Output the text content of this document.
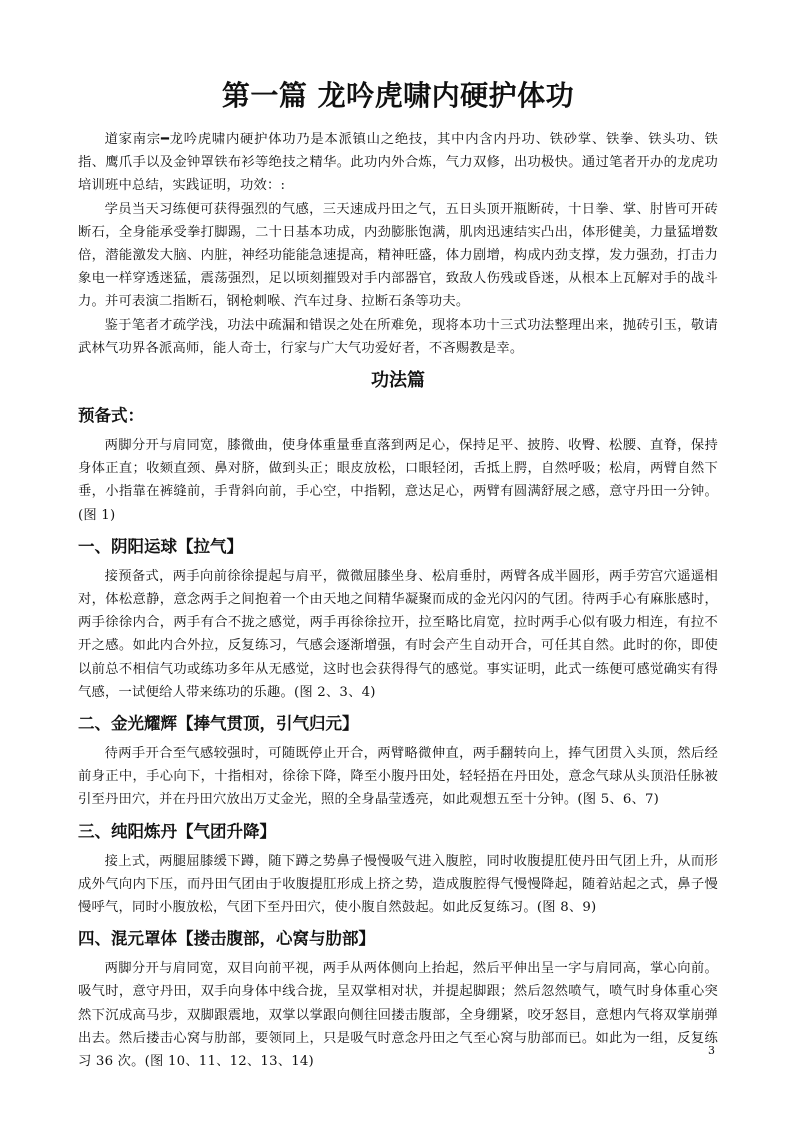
第一篇 龙吟虎啸内硬护体功

道家南宗━龙吟虎啸内硬护体功乃是本派镇山之绝技，其中内含内丹功、铁砂掌、铁拳、铁头功、铁指、鹰爪手以及金钟罩铁布衫等绝技之精华。此功内外合炼，气力双修，出功极快。通过笔者开办的龙虎功培训班中总结，实践证明，功效：:

学员当天习练便可获得强烈的气感，三天速成丹田之气，五日头顶开瓶断砖，十日拳、掌、肘皆可开砖断石，全身能承受拳打脚踢，二十日基本功成，内劲膨胀饱满，肌肉迅速结实凸出，体形健美，力量猛增数倍，潜能激发大脑、内脏，神经功能能急速提高，精神旺盛，体力剧增，构成内劲支撑，发力强劲，打击力象电一样穿透迷猛，震荡强烈，足以顷刻摧毁对手内部器官，致敌人伤残或昏迷，从根本上瓦解对手的战斗力。并可表演二指断石，钢枪刺喉、汽车过身、拉断石条等功夫。

鉴于笔者才疏学浅，功法中疏漏和错误之处在所难免，现将本功十三式功法整理出来，抛砖引玉，敬请武林气功界各派高师，能人奇士，行家与广大气功爱好者，不吝赐教是幸。

功法篇
预备式：

两脚分开与肩同宽，膝微曲，使身体重量垂直落到两足心，保持足平、披胯、收臀、松腰、直脊，保持身体正直；收颏直颈、鼻对脐，做到头正；眼皮放松，口眼轻闭，舌抵上腭，自然呼吸；松肩，两臂自然下垂，小指靠在裤缝前，手背斜向前，手心空，中指靷，意达足心，两臂有圆满舒展之感，意守丹田一分钟。(图 1)

一、阴阳运球【拉气】

接预备式，两手向前徐徐提起与肩平，微微屈膝坐身、松肩垂肘，两臂各成半圆形，两手劳宫穴遥遥相对，体松意静，意念两手之间抱着一个由天地之间精华凝聚而成的金光闪闪的气团。待两手心有麻胀感时，两手徐徐内合，两手有合不拢之感觉，两手再徐徐拉开，拉至略比肩宽，拉时两手心似有吸力相连，有拉不开之感。如此内合外拉，反复练习，气感会逐渐增强，有时会产生自动开合，可任其自然。此时的你，即使以前总不相信气功或练功多年从无感觉，这时也会获得得气的感觉。事实证明，此式一练便可感觉确实有得气感，一试便给人带来练功的乐趣。(图 2、3、4)

二、金光耀辉【捧气贯顶，引气归元】

待两手开合至气感较强时，可随既停止开合，两臂略微伸直，两手翻转向上，捧气团贯入头顶，然后经前身正中，手心向下，十指相对，徐徐下降，降至小腹丹田处，轻轻捂在丹田处，意念气球从头顶沿任脉被引至丹田穴，并在丹田穴放出万丈金光，照的全身晶莹透亮，如此观想五至十分钟。(图 5、6、7)

三、纯阳炼丹【气团升降】

接上式，两腿屈膝缓下蹲，随下蹲之势鼻子慢慢吸气进入腹腔，同时收腹提肛使丹田气团上升，从而形成外气向内下压，而丹田气团由于收腹提肛形成上挤之势，造成腹腔得气慢慢降起，随着站起之式，鼻子慢慢呼气，同时小腹放松，气团下至丹田穴，使小腹自然鼓起。如此反复练习。(图 8、9)

四、混元罩体【搂击腹部，心窝与肋部】

两脚分开与肩同宽，双目向前平视，两手从两体侧向上抬起，然后平伸出呈一字与肩同高，掌心向前。吸气时，意守丹田，双手向身体中线合拢，呈双掌相对状，并提起脚跟；然后忽然喷气，喷气时身体重心突然下沉成高马步，双脚跟震地，双掌以掌跟向侧往回搂击腹部，全身绷紧，咬牙怒目，意想内气将双掌崩弹出去。然后搂击心窝与肋部，要领同上，只是吸气时意念丹田之气至心窝与肋部而已。如此为一组，反复练习 36 次。(图 10、11、12、13、14)

3
